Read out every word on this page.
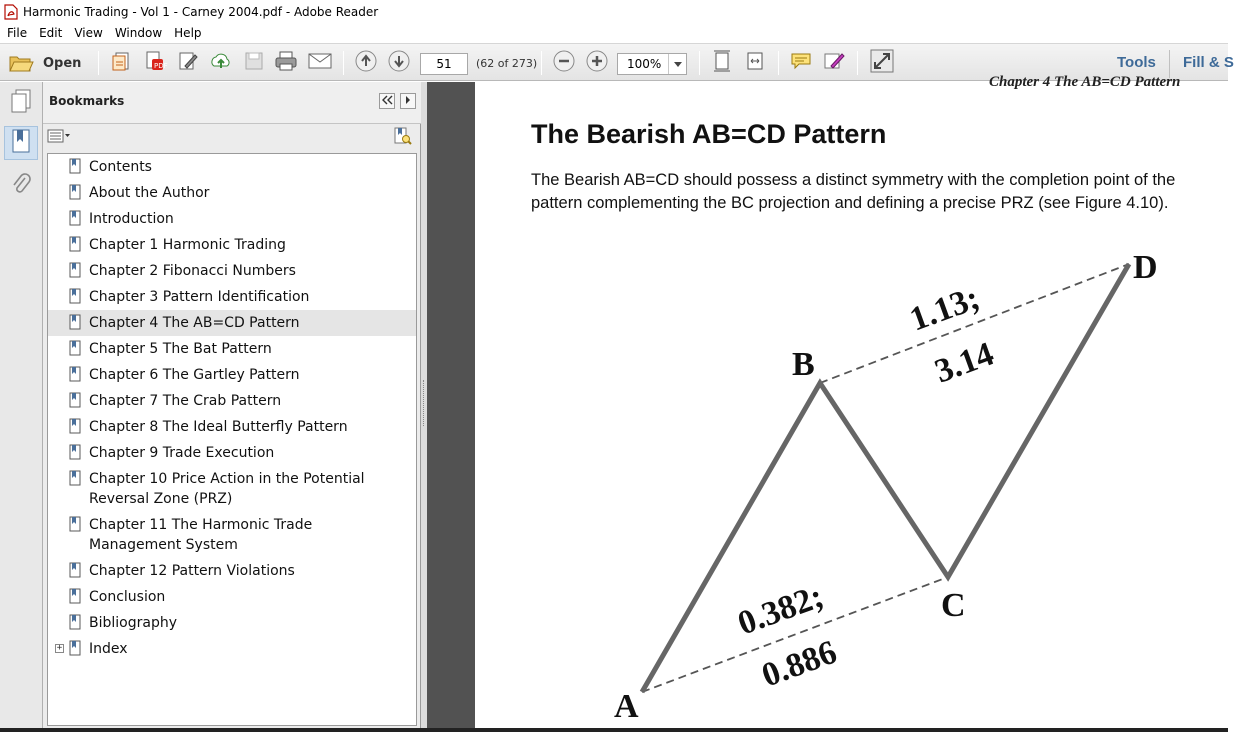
Harmonic Trading - Vol 1 - Carney 2004.pdf - Adobe Reader
File	Edit	View	Window	Help
Open	PDF
51	(62 of 273)	100%	Tools Fill & S
Bookmarks
Contents
About the Author
Introduction
Chapter 1 Harmonic Trading
Chapter 2 Fibonacci Numbers
Chapter 3 Pattern Identification
Chapter 4 The AB=CD Pattern
Chapter 5 The Bat Pattern
Chapter 6 The Gartley Pattern
Chapter 7 The Crab Pattern
Chapter 8 The Ideal Butterfly Pattern
Chapter 9 Trade Execution
Chapter 10 Price Action in the Potential Reversal Zone (PRZ)
Chapter 11 The Harmonic Trade Management System
Chapter 12 Pattern Violations
Conclusion
Bibliography
+ Index
Chapter 4 The AB=CD Pattern
The Bearish AB=CD Pattern
The Bearish AB=CD should possess a distinct symmetry with the completion point of the pattern complementing the BC projection and defining a precise PRZ (see Figure 4.10).
A
B
C
D
0.382;
0.886
1.13;
3.14
